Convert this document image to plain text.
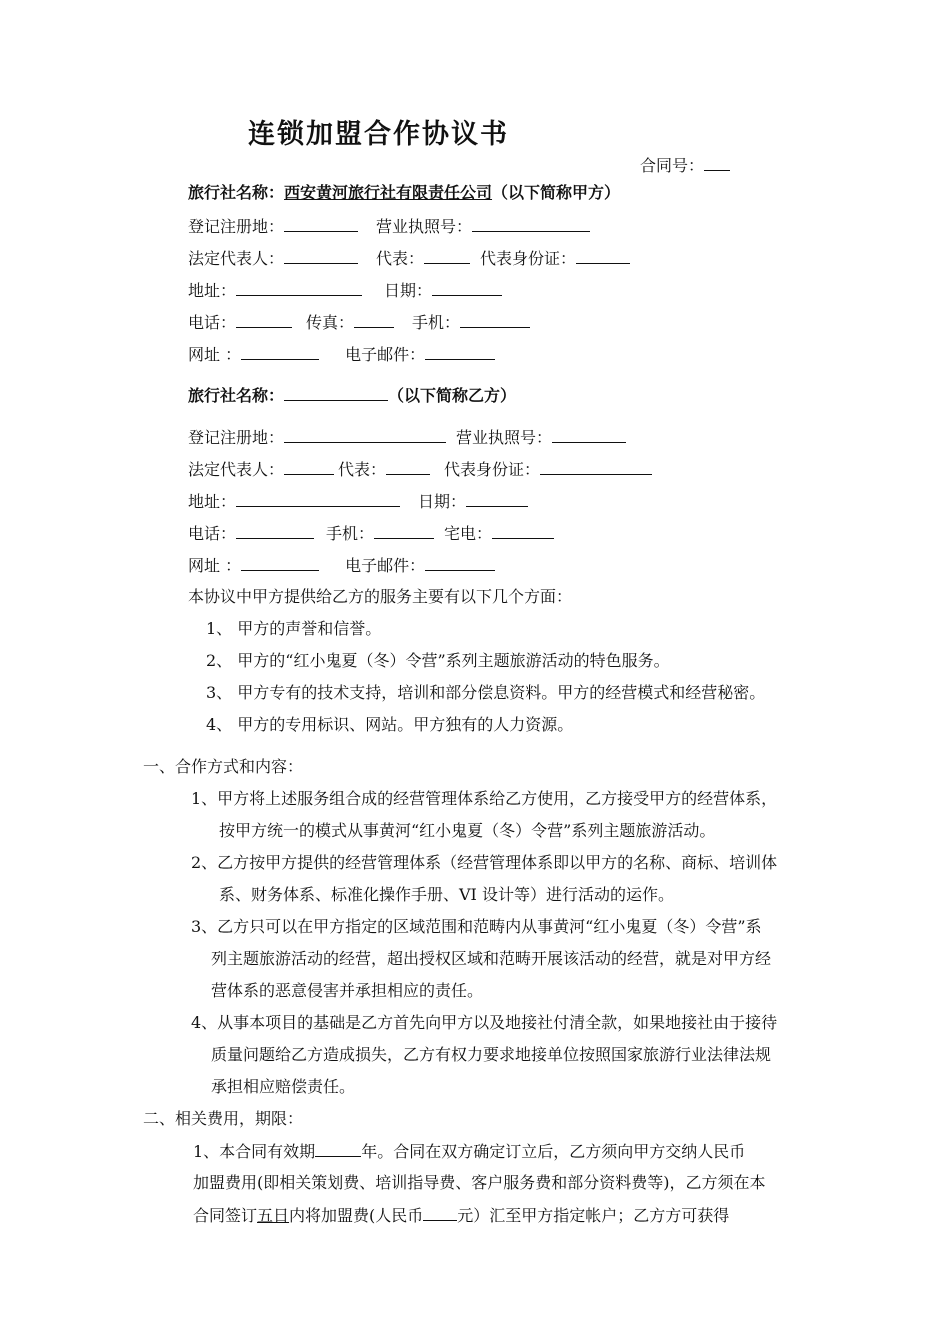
连锁加盟合作协议书
合同号：
旅行社名称：西安黄河旅行社有限责任公司（以下简称甲方）
登记注册地：	营业执照号：
法定代表人：	代表：	代表身份证：
地址：	日期：
电话：	传真：	手机：
网址 ：	电子邮件：
旅行社名称：	（以下简称乙方）
登记注册地：	营业执照号：
法定代表人：	代表：	代表身份证：
地址：	日期：
电话：	手机：	宅电：
网址 ：	电子邮件：
本协议中甲方提供给乙方的服务主要有以下几个方面：
1、 甲方的声誉和信誉。
2、 甲方的“红小鬼夏（冬）令营”系列主题旅游活动的特色服务。
3、 甲方专有的技术支持，培训和部分偿息资料。甲方的经营模式和经营秘密。
4、 甲方的专用标识、网站。甲方独有的人力资源。
一、合作方式和内容：
1、甲方将上述服务组合成的经营管理体系给乙方使用，乙方接受甲方的经营体系，
按甲方统一的模式从事黄河“红小鬼夏（冬）令营”系列主题旅游活动。
2、乙方按甲方提供的经营管理体系（经营管理体系即以甲方的名称、商标、培训体
系、财务体系、标准化操作手册、VI 设计等）进行活动的运作。
3、乙方只可以在甲方指定的区域范围和范畴内从事黄河“红小鬼夏（冬）令营”系
列主题旅游活动的经营，超出授权区域和范畴开展该活动的经营，就是对甲方经
营体系的恶意侵害并承担相应的责任。
4、从事本项目的基础是乙方首先向甲方以及地接社付清全款，如果地接社由于接待
质量问题给乙方造成损失，乙方有权力要求地接单位按照国家旅游行业法律法规
承担相应赔偿责任。
二、相关费用，期限：
1、本合同有效期	年。合同在双方确定订立后，乙方须向甲方交纳人民币
加盟费用(即相关策划费、培训指导费、客户服务费和部分资料费等)，乙方须在本
合同签订五日内将加盟费(人民币 元）汇至甲方指定帐户；乙方方可获得
